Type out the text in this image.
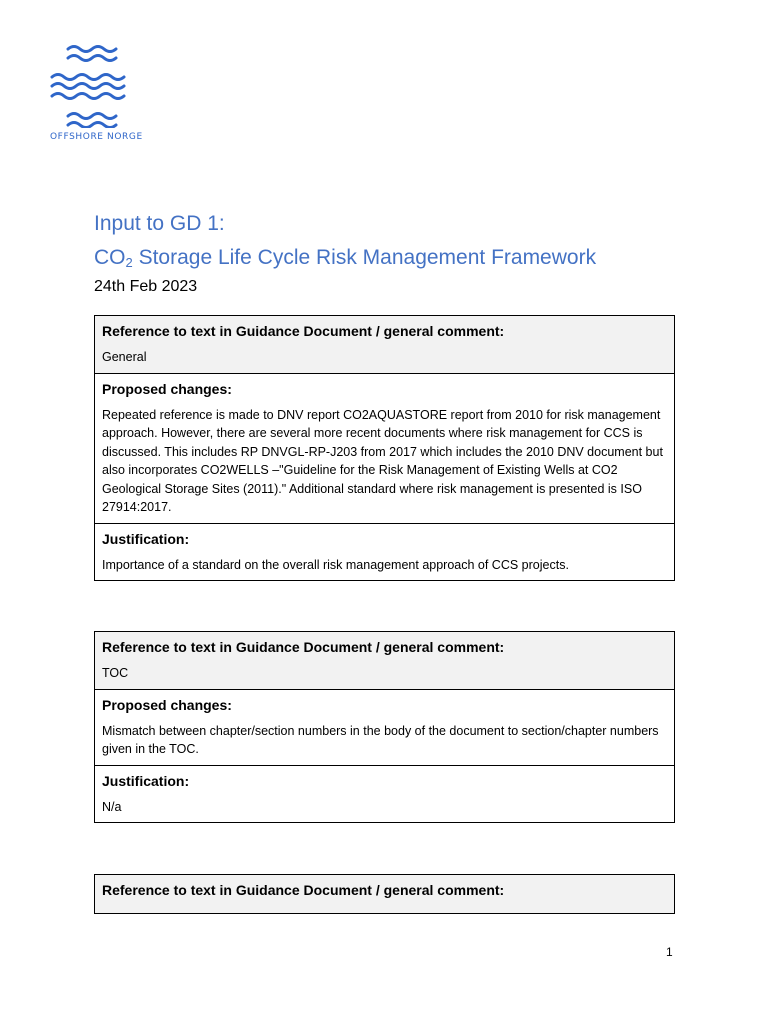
OFFSHORE NORGE
Input to GD 1:
$CO_2$ Storage Life Cycle Risk Management Framework
24th Feb 2023
Reference to text in Guidance Document / general comment:
General
Proposed changes:
Repeated reference is made to DNV report CO2AQUASTORE report from 2010 for risk management approach. However, there are several more recent documents where risk management for CCS is discussed. This includes RP DNVGL-RP-J203 from 2017 which includes the 2010 DNV document but also incorporates CO2WELLS –"Guideline for the Risk Management of Existing Wells at CO2 Geological Storage Sites (2011)." Additional standard where risk management is presented is ISO 27914:2017.
Justification:
Importance of a standard on the overall risk management approach of CCS projects.
Reference to text in Guidance Document / general comment:
TOC
Proposed changes:
Mismatch between chapter/section numbers in the body of the document to section/chapter numbers given in the TOC.
Justification:
N/a
Reference to text in Guidance Document / general comment:
1
